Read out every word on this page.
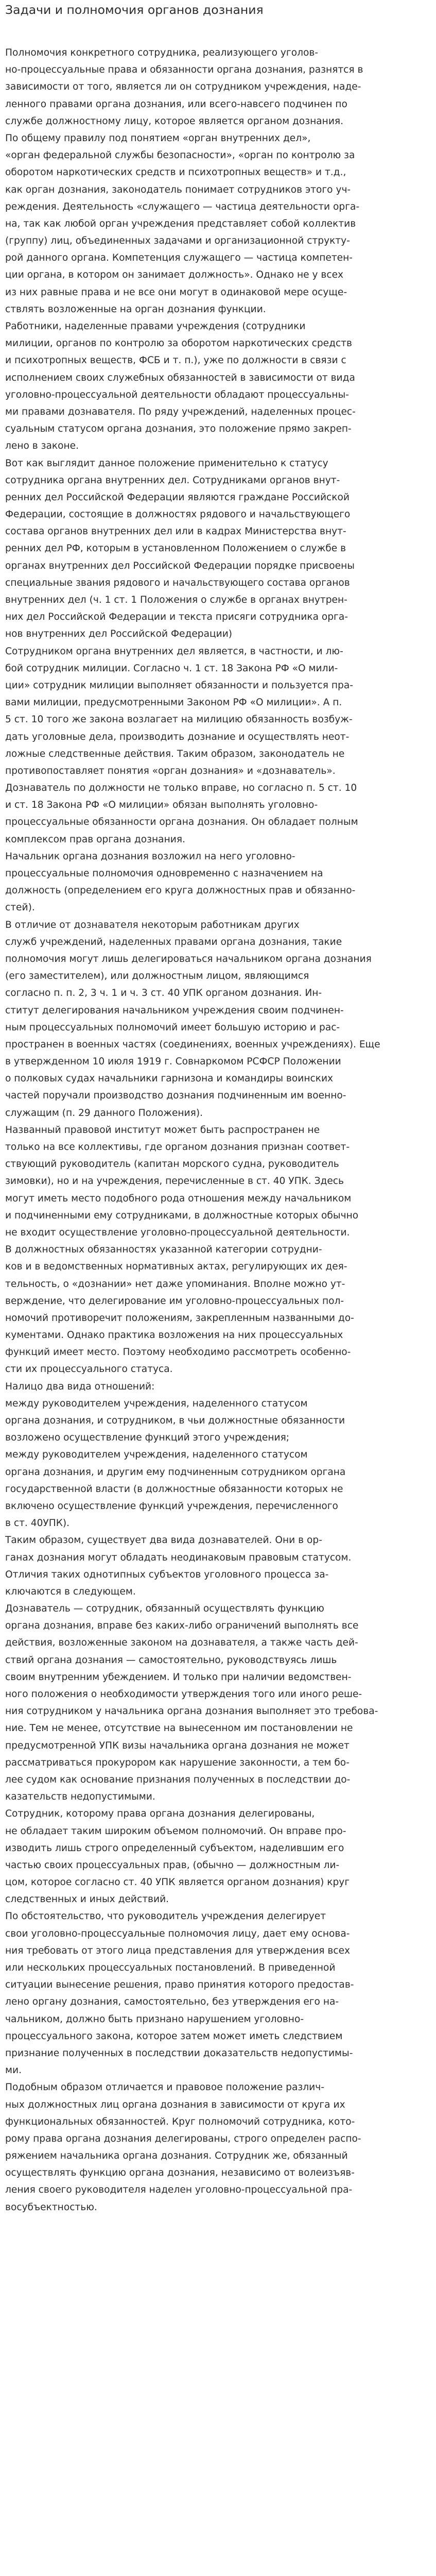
Задачи и полномочия органов дознания
Полномочия конкретного сотрудника, реализующего уголов-
но-процессуальные права и обязанности органа дознания, разнятся в
зависимости от того, является ли он сотрудником учреждения, наде-
ленного правами органа дознания, или всего-навсего подчинен по
службе должностному лицу, которое является органом дознания.
По общему правилу под понятием «орган внутренних дел»,
«орган федеральной службы безопасности», «орган по контролю за
оборотом наркотических средств и психотропных веществ» и т.д.,
как орган дознания, законодатель понимает сотрудников этого уч-
реждения. Деятельность «служащего — частица деятельности орга-
на, так как любой орган учреждения представляет собой коллектив
(группу) лиц, объединенных задачами и организационной структу-
рой данного органа. Компетенция служащего — частица компетен-
ции органа, в котором он занимает должность». Однако не у всех
из них равные права и не все они могут в одинаковой мере осуще-
ствлять возложенные на орган дознания функции.
Работники, наделенные правами учреждения (сотрудники
милиции, органов по контролю за оборотом наркотических средств
и психотропных веществ, ФСБ и т. п.), уже по должности в связи с
исполнением своих служебных обязанностей в зависимости от вида
уголовно-процессуальной деятельности обладают процессуальны-
ми правами дознавателя. По ряду учреждений, наделенных процес-
суальным статусом органа дознания, это положение прямо закреп-
лено в законе.
Вот как выглядит данное положение применительно к статусу
сотрудника органа внутренних дел. Сотрудниками органов внут-
ренних дел Российской Федерации являются граждане Российской
Федерации, состоящие в должностях рядового и начальствующего
состава органов внутренних дел или в кадрах Министерства внут-
ренних дел РФ, которым в установленном Положением о службе в
органах внутренних дел Российской Федерации порядке присвоены
специальные звания рядового и начальствующего состава органов
внутренних дел (ч. 1 ст. 1 Положения о службе в органах внутрен-
них дел Российской Федерации и текста присяги сотрудника орга-
нов внутренних дел Российской Федерации)
Сотрудником органа внутренних дел является, в частности, и лю-
бой сотрудник милиции. Согласно ч. 1 ст. 18 Закона РФ «О мили-
ции» сотрудник милиции выполняет обязанности и пользуется пра-
вами милиции, предусмотренными Законом РФ «О милиции». А п.
5 ст. 10 того же закона возлагает на милицию обязанность возбуж-
дать уголовные дела, производить дознание и осуществлять неот-
ложные следственные действия. Таким образом, законодатель не
противопоставляет понятия «орган дознания» и «дознаватель».
Дознаватель по должности не только вправе, но согласно п. 5 ст. 10
и ст. 18 Закона РФ «О милиции» обязан выполнять уголовно-
процессуальные обязанности органа дознания. Он обладает полным
комплексом прав органа дознания.
Начальник органа дознания возложил на него уголовно-
процессуальные полномочия одновременно с назначением на
должность (определением его круга должностных прав и обязанно-
стей).
В отличие от дознавателя некоторым работникам других
служб учреждений, наделенных правами органа дознания, такие
полномочия могут лишь делегироваться начальником органа дознания
(его заместителем), или должностным лицом, являющимся
согласно п. п. 2, 3 ч. 1 и ч. 3 ст. 40 УПК органом дознания. Ин-
ститут делегирования начальником учреждения своим подчинен-
ным процессуальных полномочий имеет большую историю и рас-
пространен в военных частях (соединениях, военных учреждениях). Еще
в утвержденном 10 июля 1919 г. Совнаркомом РСФСР Положении
о полковых судах начальники гарнизона и командиры воинских
частей поручали производство дознания подчиненным им военно-
служащим (п. 29 данного Положения).
Названный правовой институт может быть распространен не
только на все коллективы, где органом дознания признан соответ-
ствующий руководитель (капитан морского судна, руководитель
зимовки), но и на учреждения, перечисленные в ст. 40 УПК. Здесь
могут иметь место подобного рода отношения между начальником
и подчиненными ему сотрудниками, в должностные которых обычно
не входит осуществление уголовно-процессуальной деятельности.
В должностных обязанностях указанной категории сотрудни-
ков и в ведомственных нормативных актах, регулирующих их дея-
тельность, о «дознании» нет даже упоминания. Вполне можно ут-
верждение, что делегирование им уголовно-процессуальных пол-
номочий противоречит положениям, закрепленным названными до-
кументами. Однако практика возложения на них процессуальных
функций имеет место. Поэтому необходимо рассмотреть особенно-
сти их процессуального статуса.
Налицо два вида отношений:
между руководителем учреждения, наделенного статусом
органа дознания, и сотрудником, в чьи должностные обязанности
возложено осуществление функций этого учреждения;
между руководителем учреждения, наделенного статусом
органа дознания, и другим ему подчиненным сотрудником органа
государственной власти (в должностные обязанности которых не
включено осуществление функций учреждения, перечисленного
в ст. 40УПК).
Таким образом, существует два вида дознавателей. Они в ор-
ганах дознания могут обладать неодинаковым правовым статусом.
Отличия таких однотипных субъектов уголовного процесса за-
ключаются в следующем.
Дознаватель — сотрудник, обязанный осуществлять функцию
органа дознания, вправе без каких-либо ограничений выполнять все
действия, возложенные законом на дознавателя, а также часть дей-
ствий органа дознания — самостоятельно, руководствуясь лишь
своим внутренним убеждением. И только при наличии ведомствен-
ного положения о необходимости утверждения того или иного реше-
ния сотрудником у начальника органа дознания выполняет это требова-
ние. Тем не менее, отсутствие на вынесенном им постановлении не
предусмотренной УПК визы начальника органа дознания не может
рассматриваться прокурором как нарушение законности, а тем бо-
лее судом как основание признания полученных в последствии до-
казательств недопустимыми.
Сотрудник, которому права органа дознания делегированы,
не обладает таким широким объемом полномочий. Он вправе про-
изводить лишь строго определенный субъектом, наделившим его
частью своих процессуальных прав, (обычно — должностным ли-
цом, которое согласно ст. 40 УПК является органом дознания) круг
следственных и иных действий.
По обстоятельство, что руководитель учреждения делегирует
свои уголовно-процессуальные полномочия лицу, дает ему основа-
ния требовать от этого лица представления для утверждения всех
или нескольких процессуальных постановлений. В приведенной
ситуации вынесение решения, право принятия которого предостав-
лено органу дознания, самостоятельно, без утверждения его на-
чальником, должно быть признано нарушением уголовно-
процессуального закона, которое затем может иметь следствием
признание полученных в последствии доказательств недопустимы-
ми.
Подобным образом отличается и правовое положение различ-
ных должностных лиц органа дознания в зависимости от круга их
функциональных обязанностей. Круг полномочий сотрудника, кото-
рому права органа дознания делегированы, строго определен распо-
ряжением начальника органа дознания. Сотрудник же, обязанный
осуществлять функцию органа дознания, независимо от волеизъяв-
ления своего руководителя наделен уголовно-процессуальной пра-
восубъектностью.
